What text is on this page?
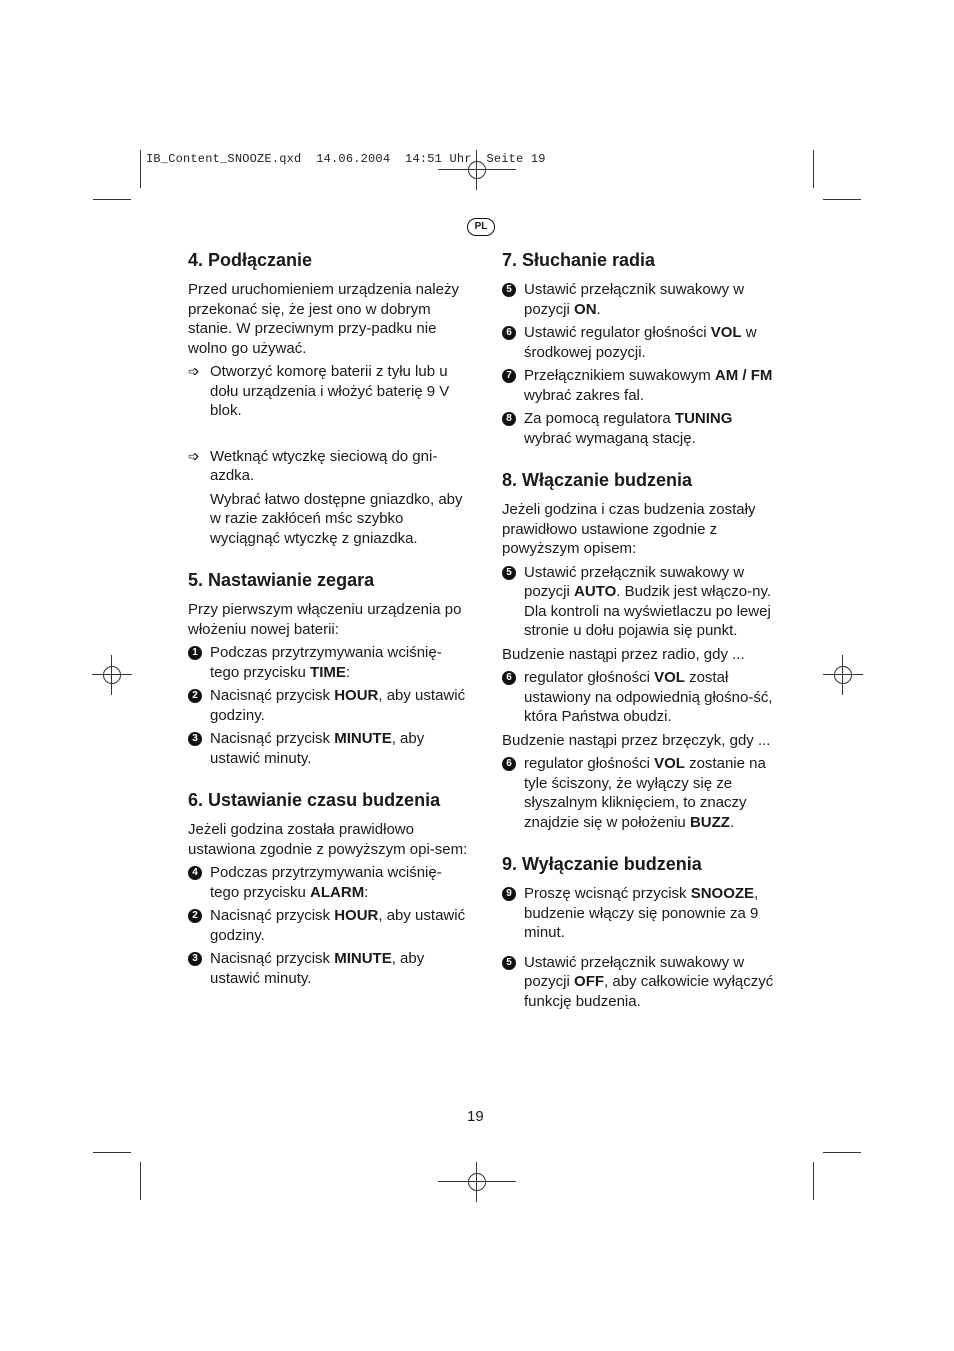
IB_Content_SNOOZE.qxd  14.06.2004  14:51 Uhr  Seite 19
PL
4. Podłączanie

Przed uruchomieniem urządzenia należy przekonać się, że jest ono w dobrym stanie. W przeciwnym przy-padku nie wolno go używać.

➩ Otworzyć komorę baterii z tyłu lub u dołu urządzenia i włożyć baterię 9 V blok.
➩ Wetknąć wtyczkę sieciową do gni-azdka.
Wybrać łatwo dostępne gniazdko, aby w razie zakłóceń mśc szybko wyciągnąć wtyczkę z gniazdka.
5. Nastawianie zegara

Przy pierwszym włączeniu urządzenia po włożeniu nowej baterii:

1 Podczas przytrzymywania wciśnię-tego przycisku TIME:
2 Nacisnąć przycisk HOUR, aby ustawić godziny.
3 Nacisnąć przycisk MINUTE, aby ustawić minuty.
6. Ustawianie czasu budzenia

Jeżeli godzina została prawidłowo ustawiona zgodnie z powyższym opi-sem:

4 Podczas przytrzymywania wciśnię-tego przycisku ALARM:
2 Nacisnąć przycisk HOUR, aby ustawić godziny.
3 Nacisnąć przycisk MINUTE, aby ustawić minuty.
7. Słuchanie radia
5 Ustawić przełącznik suwakowy w pozycji ON.
6 Ustawić regulator głośności VOL w środkowej pozycji.
7 Przełącznikiem suwakowym AM / FM wybrać zakres fal.
8 Za pomocą regulatora TUNING wybrać wymaganą stację.
8. Włączanie budzenia

Jeżeli godzina i czas budzenia zostały prawidłowo ustawione zgodnie z powyższym opisem:

5 Ustawić przełącznik suwakowy w pozycji AUTO. Budzik jest włączo-ny. Dla kontroli na wyświetlaczu po lewej stronie u dołu pojawia się punkt.

Budzenie nastąpi przez radio, gdy ...

6 regulator głośności VOL został ustawiony na odpowiednią głośno-ść, która Państwa obudzi.

Budzenie nastąpi przez brzęczyk, gdy ...

6 regulator głośności VOL zostanie na tyle ściszony, że wyłączy się ze słyszalnym kliknięciem, to znaczy znajdzie się w położeniu BUZZ.
9. Wyłączanie budzenia
9 Proszę wcisnąć przycisk SNOOZE, budzenie włączy się ponownie za 9 minut.
5 Ustawić przełącznik suwakowy w pozycji OFF, aby całkowicie wyłączyć funkcję budzenia.
19
